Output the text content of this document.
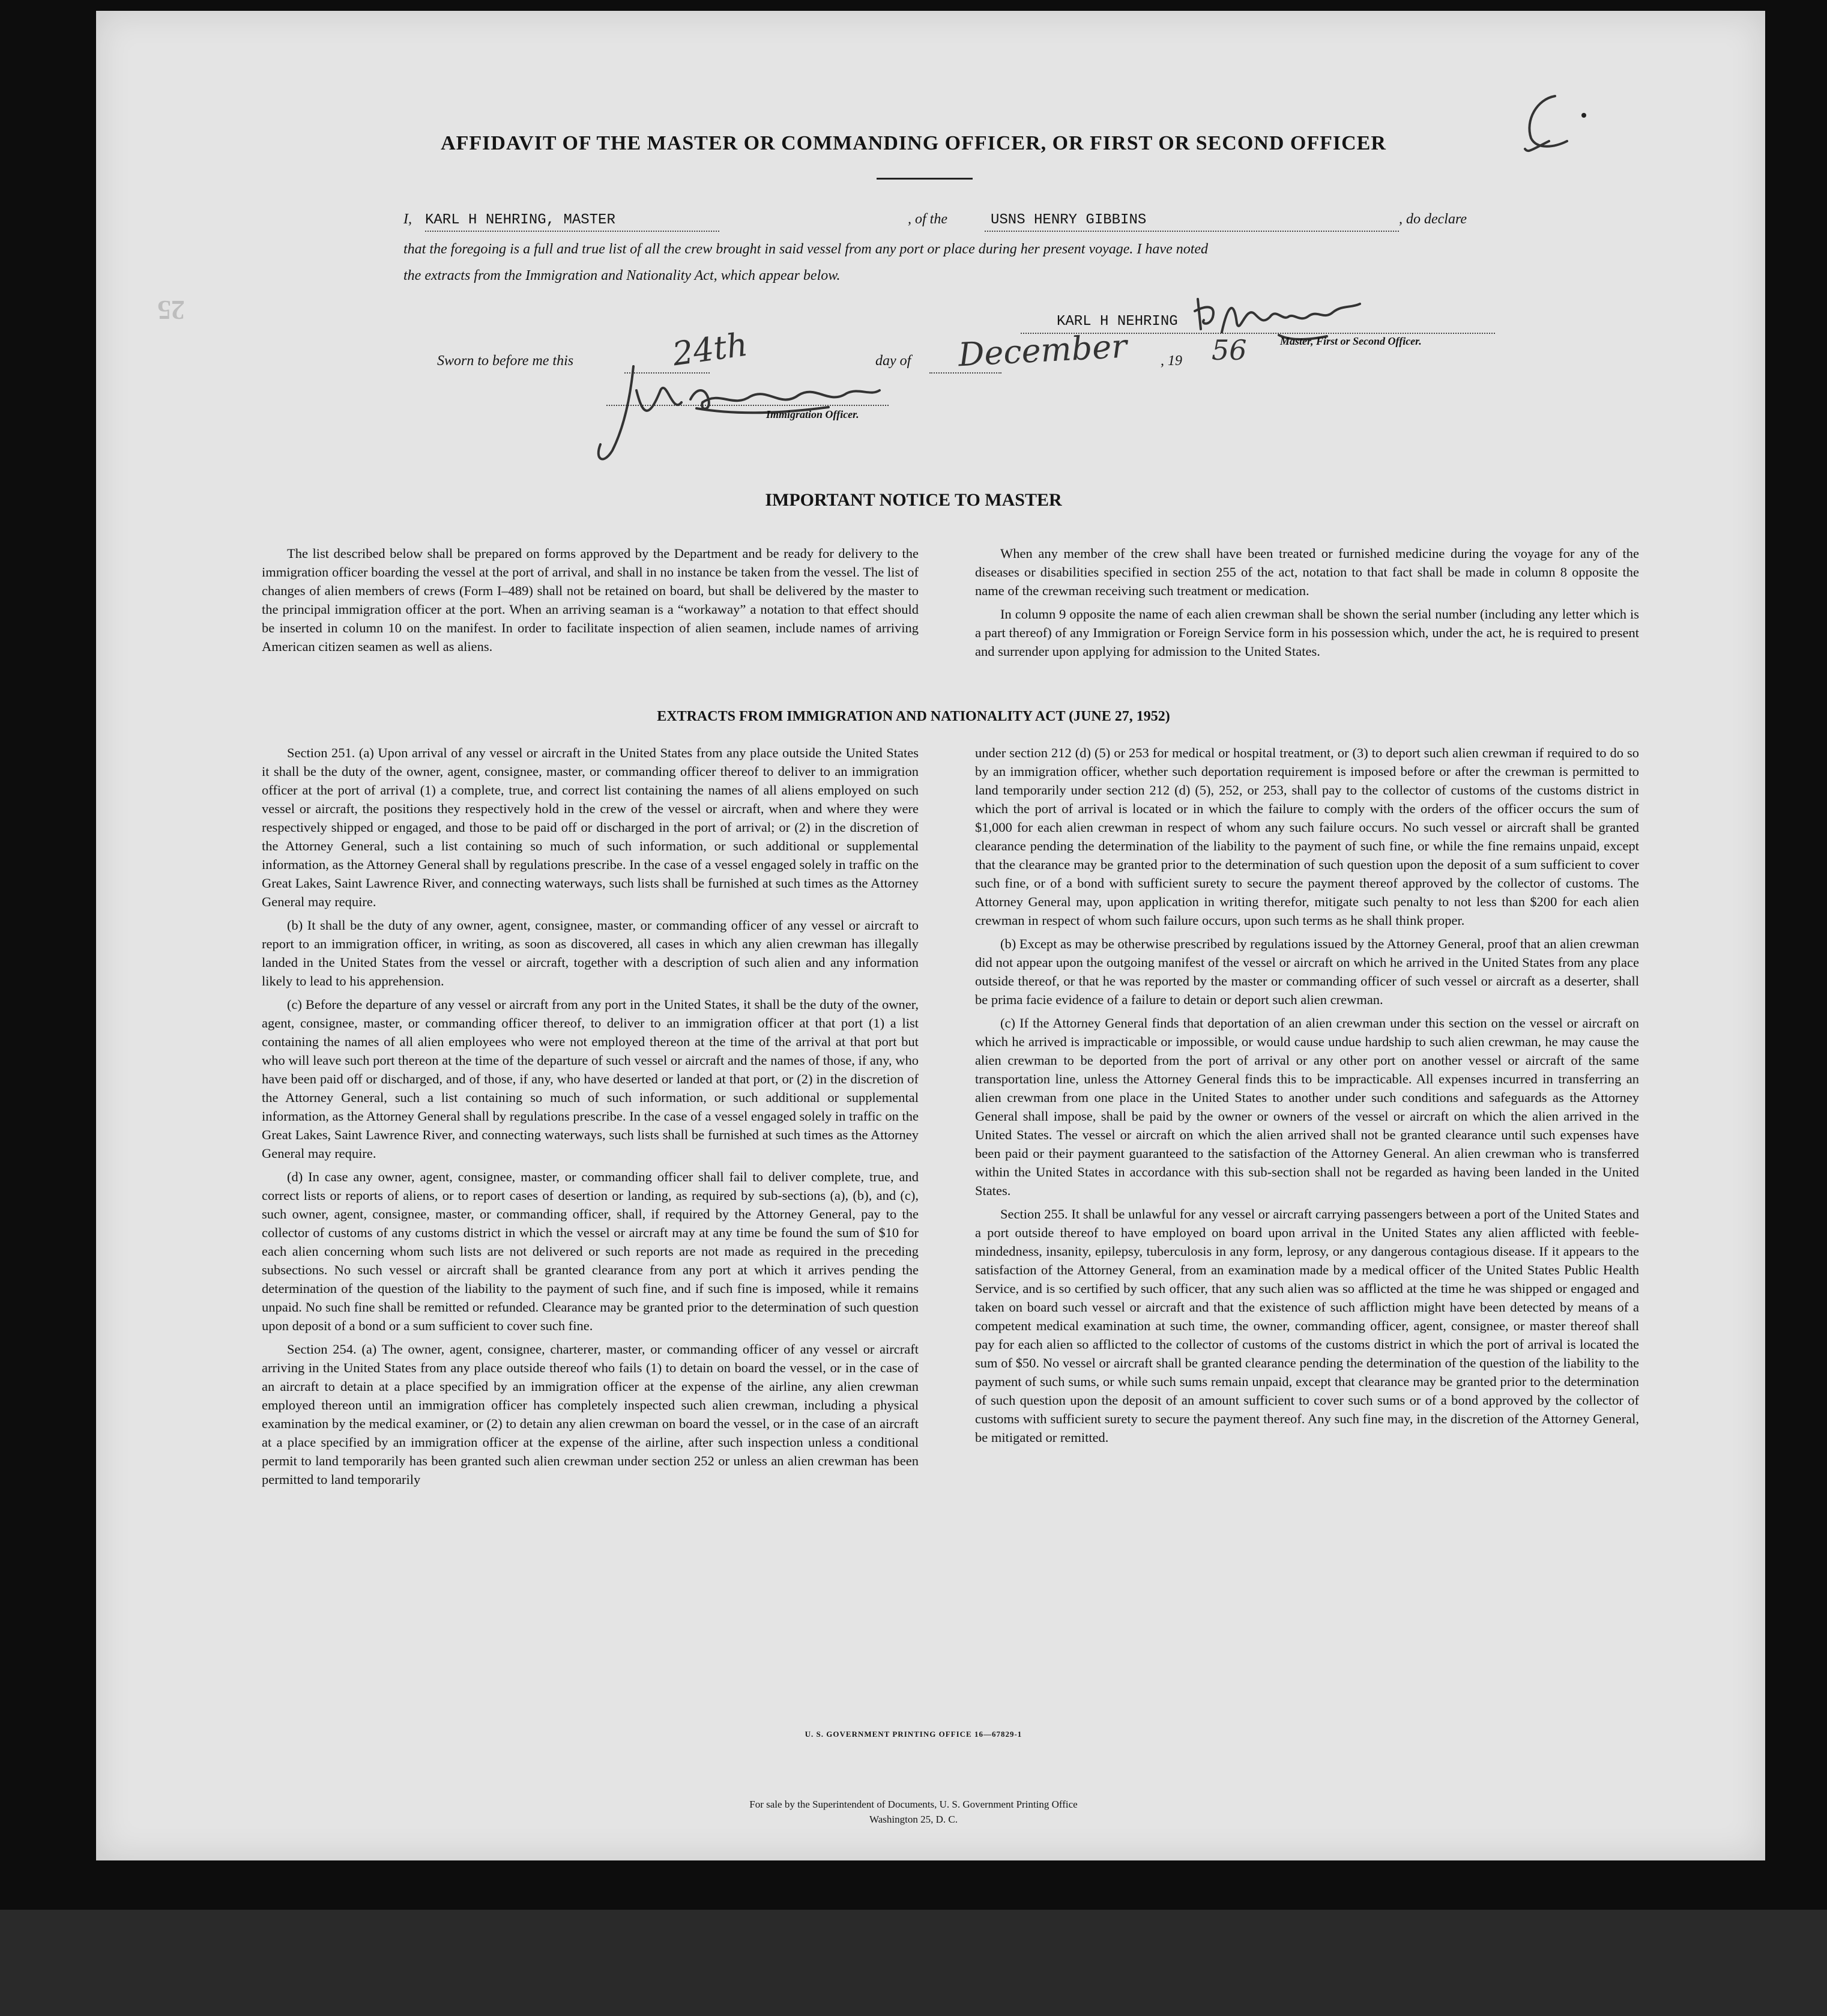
25
AFFIDAVIT OF THE MASTER OR COMMANDING OFFICER, OR FIRST OR SECOND OFFICER
I, KARL H NEHRING, MASTER	, of the	USNS HENRY GIBBINS	, do declare
that the foregoing is a full and true list of all the crew brought in said vessel from any port or place during her present voyage. I have noted
the extracts from the Immigration and Nationality Act, which appear below.
KARL H NEHRING
Master, First or Second Officer.
Sworn to before me this	day of	, 19
24th	December	56
Immigration Officer.
IMPORTANT NOTICE TO MASTER

The list described below shall be prepared on forms approved by the Department and be ready for delivery to the immigration officer boarding the vessel at the port of arrival, and shall in no instance be taken from the vessel. The list of changes of alien members of crews (Form I–489) shall not be retained on board, but shall be delivered by the master to the principal immigration officer at the port. When an arriving seaman is a “workaway” a notation to that effect should be inserted in column 10 on the manifest. In order to facilitate inspection of alien seamen, include names of arriving American citizen seamen as well as aliens.

When any member of the crew shall have been treated or furnished medicine during the voyage for any of the diseases or disabilities specified in section 255 of the act, notation to that fact shall be made in column 8 opposite the name of the crewman receiving such treatment or medication.

In column 9 opposite the name of each alien crewman shall be shown the serial number (including any letter which is a part thereof) of any Immigration or Foreign Service form in his possession which, under the act, he is required to present and surrender upon applying for admission to the United States.

EXTRACTS FROM IMMIGRATION AND NATIONALITY ACT (JUNE 27, 1952)

Section 251. (a) Upon arrival of any vessel or aircraft in the United States from any place outside the United States it shall be the duty of the owner, agent, consignee, master, or commanding officer thereof to deliver to an immigration officer at the port of arrival (1) a complete, true, and correct list containing the names of all aliens employed on such vessel or aircraft, the positions they respectively hold in the crew of the vessel or aircraft, when and where they were respectively shipped or engaged, and those to be paid off or discharged in the port of arrival; or (2) in the discretion of the Attorney General, such a list containing so much of such information, or such additional or supplemental information, as the Attorney General shall by regulations prescribe. In the case of a vessel engaged solely in traffic on the Great Lakes, Saint Lawrence River, and connecting waterways, such lists shall be furnished at such times as the Attorney General may require.

(b) It shall be the duty of any owner, agent, consignee, master, or commanding officer of any vessel or aircraft to report to an immigration officer, in writing, as soon as discovered, all cases in which any alien crewman has illegally landed in the United States from the vessel or aircraft, together with a description of such alien and any information likely to lead to his apprehension.

(c) Before the departure of any vessel or aircraft from any port in the United States, it shall be the duty of the owner, agent, consignee, master, or commanding officer thereof, to deliver to an immigration officer at that port (1) a list containing the names of all alien employees who were not employed thereon at the time of the arrival at that port but who will leave such port thereon at the time of the departure of such vessel or aircraft and the names of those, if any, who have been paid off or discharged, and of those, if any, who have deserted or landed at that port, or (2) in the discretion of the Attorney General, such a list containing so much of such information, or such additional or supplemental information, as the Attorney General shall by regulations prescribe. In the case of a vessel engaged solely in traffic on the Great Lakes, Saint Lawrence River, and connecting waterways, such lists shall be furnished at such times as the Attorney General may require.

(d) In case any owner, agent, consignee, master, or commanding officer shall fail to deliver complete, true, and correct lists or reports of aliens, or to report cases of desertion or landing, as required by sub-sections (a), (b), and (c), such owner, agent, consignee, master, or commanding officer, shall, if required by the Attorney General, pay to the collector of customs of any customs district in which the vessel or aircraft may at any time be found the sum of $10 for each alien concerning whom such lists are not delivered or such reports are not made as required in the preceding subsections. No such vessel or aircraft shall be granted clearance from any port at which it arrives pending the determination of the question of the liability to the payment of such fine, and if such fine is imposed, while it remains unpaid. No such fine shall be remitted or refunded. Clearance may be granted prior to the determination of such question upon deposit of a bond or a sum sufficient to cover such fine.

Section 254. (a) The owner, agent, consignee, charterer, master, or commanding officer of any vessel or aircraft arriving in the United States from any place outside thereof who fails (1) to detain on board the vessel, or in the case of an aircraft to detain at a place specified by an immigration officer at the expense of the airline, any alien crewman employed thereon until an immigration officer has completely inspected such alien crewman, including a physical examination by the medical examiner, or (2) to detain any alien crewman on board the vessel, or in the case of an aircraft at a place specified by an immigration officer at the expense of the airline, after such inspection unless a conditional permit to land temporarily has been granted such alien crewman under section 252 or unless an alien crewman has been permitted to land temporarily

under section 212 (d) (5) or 253 for medical or hospital treatment, or (3) to deport such alien crewman if required to do so by an immigration officer, whether such deportation requirement is imposed before or after the crewman is permitted to land temporarily under section 212 (d) (5), 252, or 253, shall pay to the collector of customs of the customs district in which the port of arrival is located or in which the failure to comply with the orders of the officer occurs the sum of $1,000 for each alien crewman in respect of whom any such failure occurs. No such vessel or aircraft shall be granted clearance pending the determination of the liability to the payment of such fine, or while the fine remains unpaid, except that the clearance may be granted prior to the determination of such question upon the deposit of a sum sufficient to cover such fine, or of a bond with sufficient surety to secure the payment thereof approved by the collector of customs. The Attorney General may, upon application in writing therefor, mitigate such penalty to not less than $200 for each alien crewman in respect of whom such failure occurs, upon such terms as he shall think proper.

(b) Except as may be otherwise prescribed by regulations issued by the Attorney General, proof that an alien crewman did not appear upon the outgoing manifest of the vessel or aircraft on which he arrived in the United States from any place outside thereof, or that he was reported by the master or commanding officer of such vessel or aircraft as a deserter, shall be prima facie evidence of a failure to detain or deport such alien crewman.

(c) If the Attorney General finds that deportation of an alien crewman under this section on the vessel or aircraft on which he arrived is impracticable or impossible, or would cause undue hardship to such alien crewman, he may cause the alien crewman to be deported from the port of arrival or any other port on another vessel or aircraft of the same transportation line, unless the Attorney General finds this to be impracticable. All expenses incurred in transferring an alien crewman from one place in the United States to another under such conditions and safeguards as the Attorney General shall impose, shall be paid by the owner or owners of the vessel or aircraft on which the alien arrived in the United States. The vessel or aircraft on which the alien arrived shall not be granted clearance until such expenses have been paid or their payment guaranteed to the satisfaction of the Attorney General. An alien crewman who is transferred within the United States in accordance with this sub-section shall not be regarded as having been landed in the United States.

Section 255. It shall be unlawful for any vessel or aircraft carrying passengers between a port of the United States and a port outside thereof to have employed on board upon arrival in the United States any alien afflicted with feeble-mindedness, insanity, epilepsy, tuberculosis in any form, leprosy, or any dangerous contagious disease. If it appears to the satisfaction of the Attorney General, from an examination made by a medical officer of the United States Public Health Service, and is so certified by such officer, that any such alien was so afflicted at the time he was shipped or engaged and taken on board such vessel or aircraft and that the existence of such affliction might have been detected by means of a competent medical examination at such time, the owner, commanding officer, agent, consignee, or master thereof shall pay for each alien so afflicted to the collector of customs of the customs district in which the port of arrival is located the sum of $50. No vessel or aircraft shall be granted clearance pending the determination of the question of the liability to the payment of such sums, or while such sums remain unpaid, except that clearance may be granted prior to the determination of such question upon the deposit of an amount sufficient to cover such sums or of a bond approved by the collector of customs with sufficient surety to secure the payment thereof. Any such fine may, in the discretion of the Attorney General, be mitigated or remitted.

U. S. GOVERNMENT PRINTING OFFICE 16—67829-1
For sale by the Superintendent of Documents, U. S. Government Printing Office
Washington 25, D. C.
